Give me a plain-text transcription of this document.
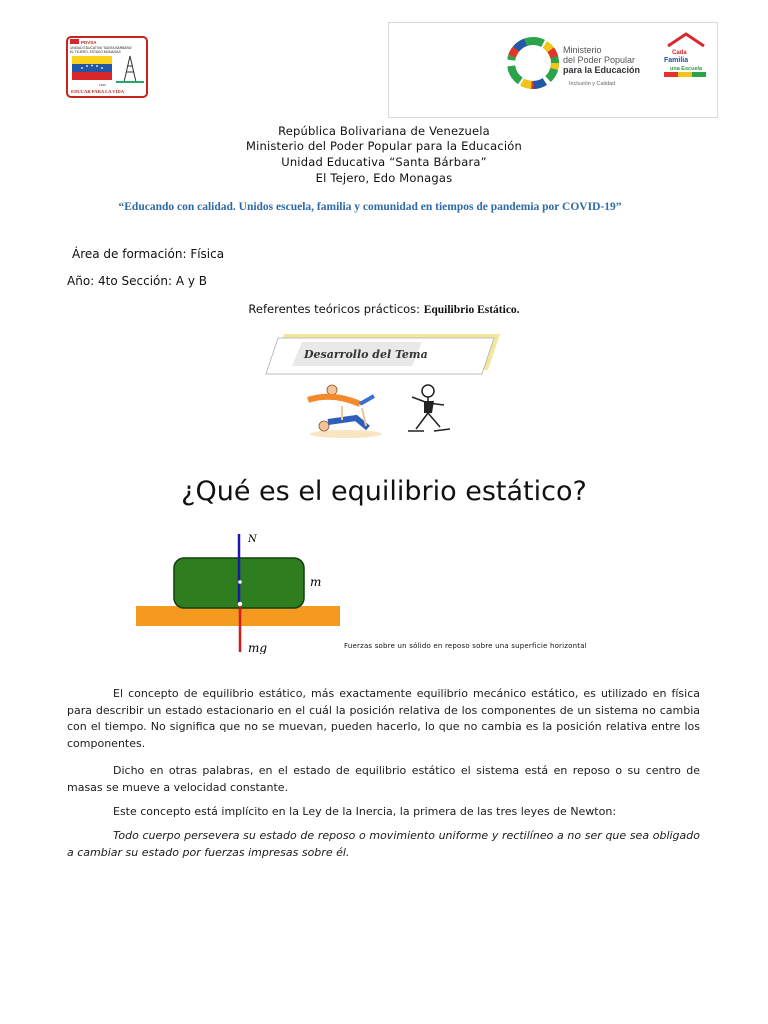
PDVSA
UNIDAD EDUCATIVA "SANTA BÁRBARA"
EL TEJERO, ESTADO MONAGAS
1960
EDUCAR PARA LA VIDA
Ministerio
del Poder Popular
para la Educación
Inclusión y Calidad
Cada
Familia
una Escuela
República Bolivariana de Venezuela
Ministerio del Poder Popular para la Educación
Unidad Educativa “Santa Bárbara”
El Tejero, Edo Monagas
“Educando con calidad. Unidos escuela, familia y comunidad en tiempos de pandemia por COVID-19”
Área de formación: Física
Año: 4to Sección: A y B
Referentes teóricos prácticos: Equilibrio Estático.
Desarrollo del Tema
¿Qué es el equilibrio estático?
N
m
mg	Fuerzas sobre un sólido en reposo sobre una superficie horizontal
El concepto de equilibrio estático, más exactamente equilibrio mecánico estático, es utilizado en física para describir un estado estacionario en el cuál la posición relativa de los componentes de un sistema no cambia con el tiempo. No significa que no se muevan, pueden hacerlo, lo que no cambia es la posición relativa entre los componentes.
Dicho en otras palabras, en el estado de equilibrio estático el sistema está en reposo o su centro de masas se mueve a velocidad constante.
Este concepto está implícito en la Ley de la Inercia, la primera de las tres leyes de Newton:
Todo cuerpo persevera su estado de reposo o movimiento uniforme y rectilíneo a no ser que sea obligado a cambiar su estado por fuerzas impresas sobre él.
